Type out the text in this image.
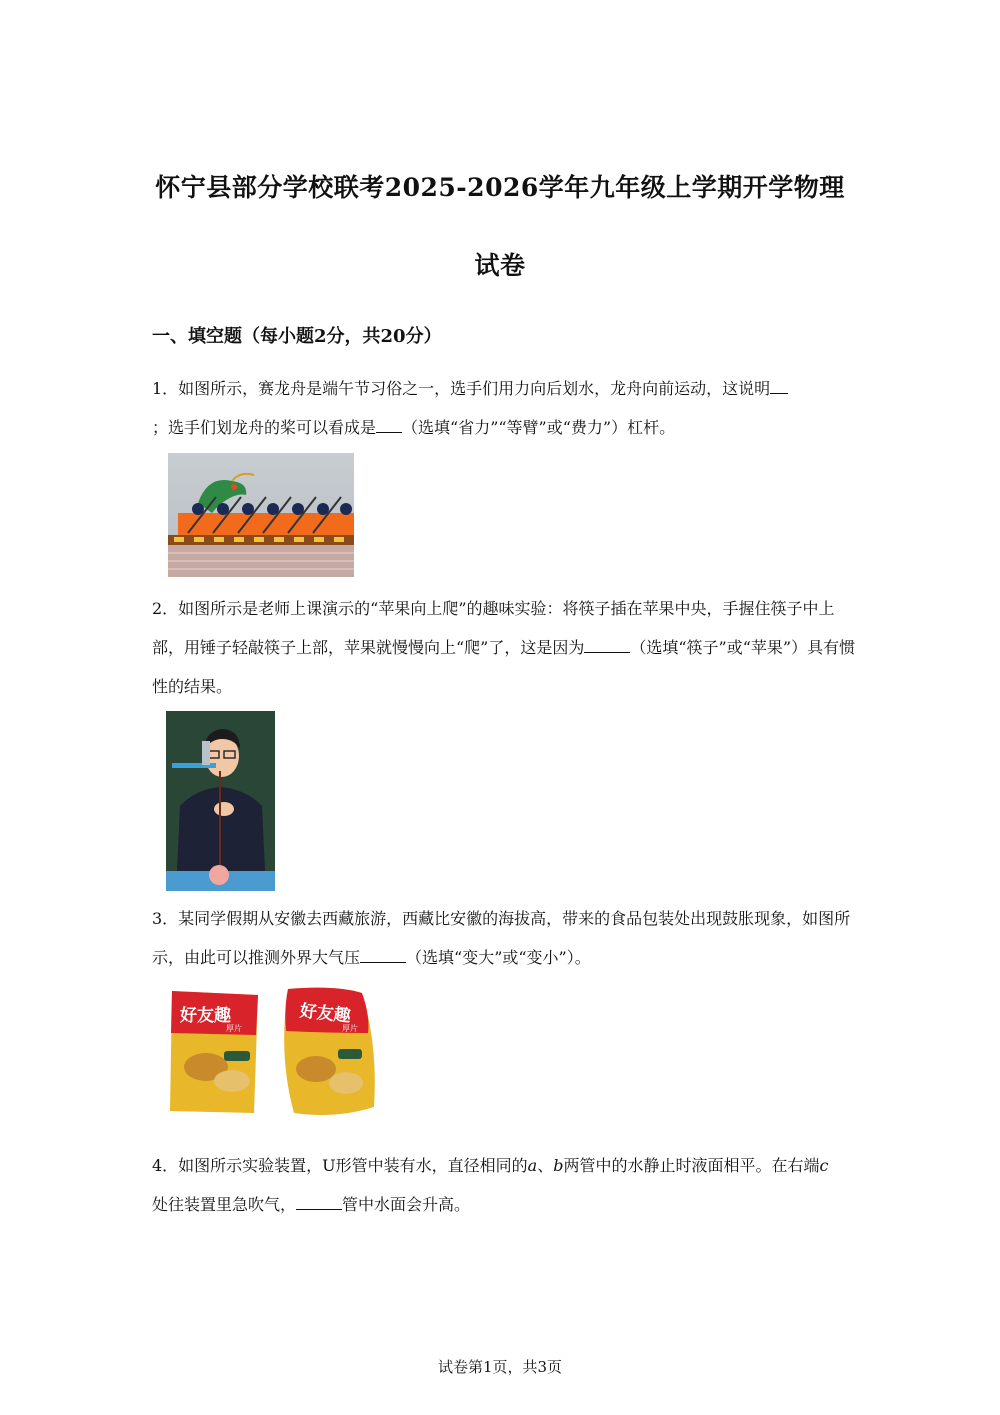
怀宁县部分学校联考2025-2026学年九年级上学期开学物理
试卷
一、填空题（每小题2分，共20分）
1．如图所示，赛龙舟是端午节习俗之一，选手们用力向后划水，龙舟向前运动，这说明
；选手们划龙舟的桨可以看成是 （选填“省力”“等臂”或“费力”）杠杆。
2．如图所示是老师上课演示的“苹果向上爬”的趣味实验：将筷子插在苹果中央，手握住筷子中上部，用锤子轻敲筷子上部，苹果就慢慢向上“爬”了，这是因为	（选填“筷子”或“苹果”）具有惯性的结果。
3．某同学假期从安徽去西藏旅游，西藏比安徽的海拔高，带来的食品包装处出现鼓胀现象，如图所示，由此可以推测外界大气压	（选填“变大”或“变小”）。
好友趣
厚片
好友趣
厚片
4．如图所示实验装置，U形管中装有水，直径相同的a、b两管中的水静止时液面相平。在右端c处往装置里急吹气，	管中水面会升高。
试卷第1页，共3页
